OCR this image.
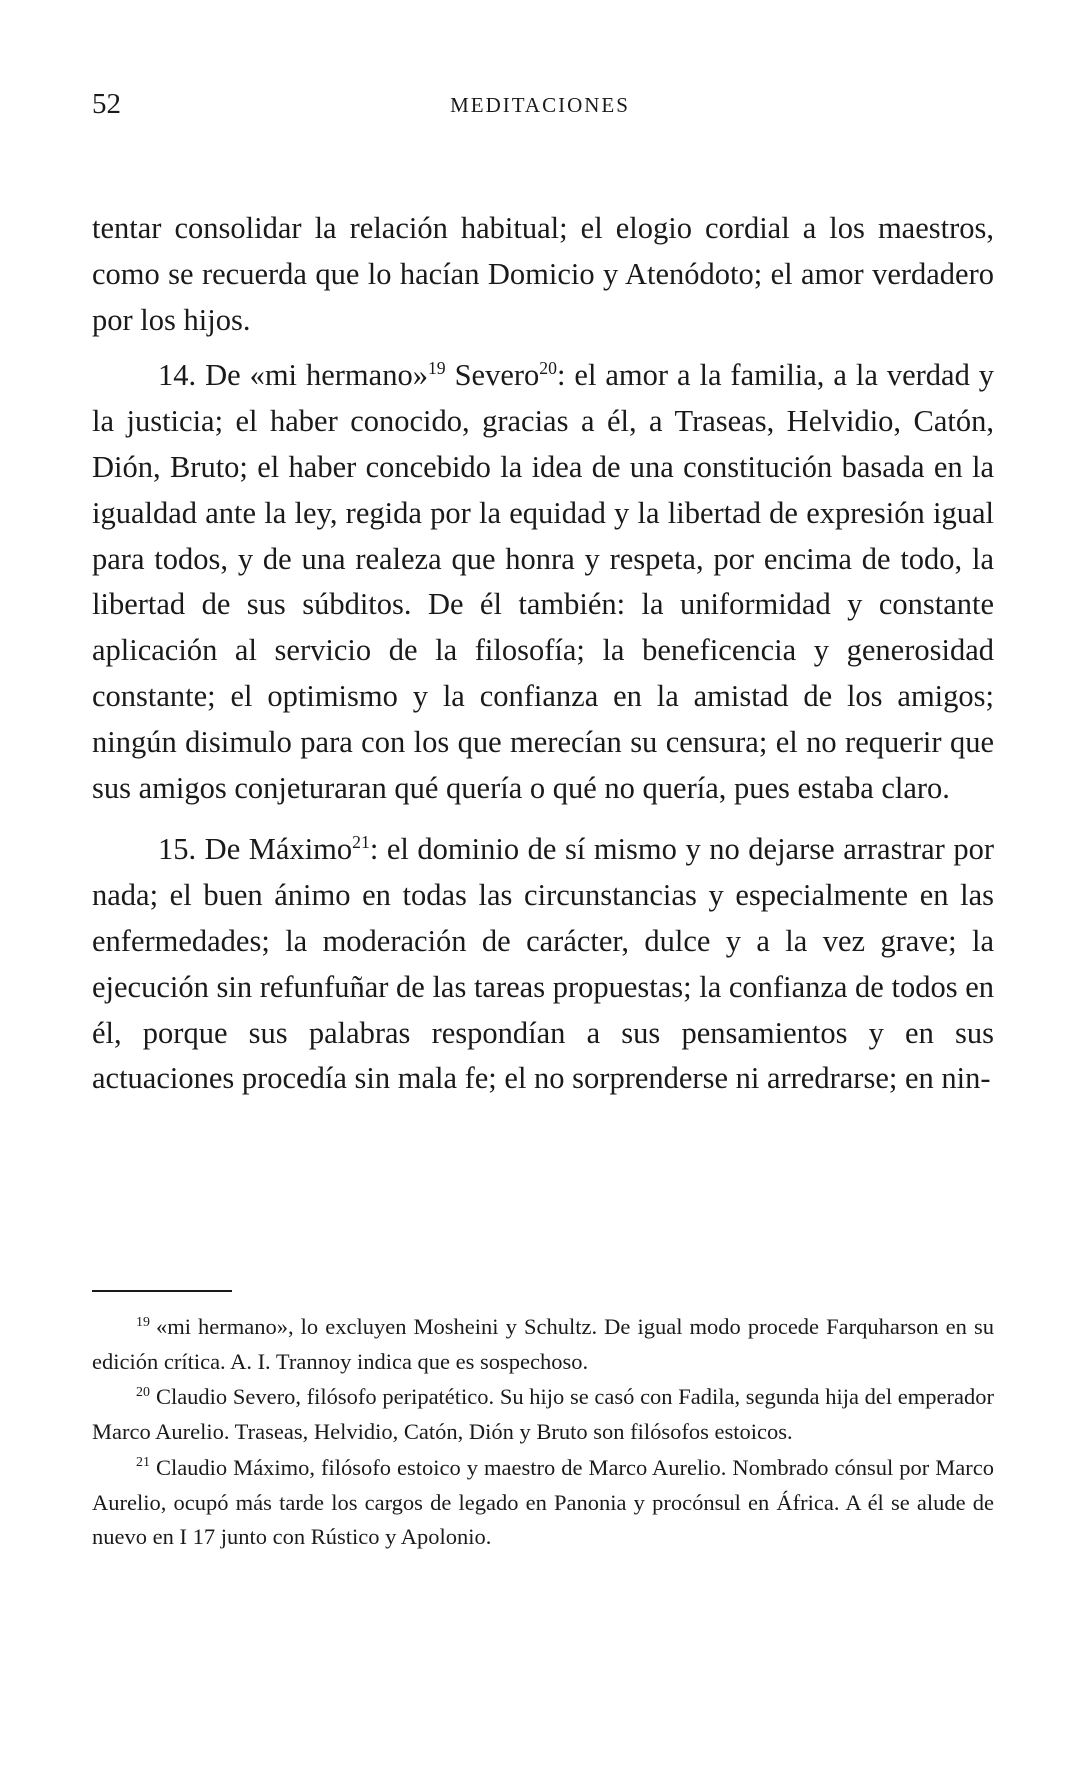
52	MEDITACIONES

tentar consolidar la relación habitual; el elogio cordial a los maestros, como se recuerda que lo hacían Domicio y Atenódoto; el amor verdadero por los hijos.

14. De «mi hermano»$^{19}$ Severo$^{20}$: el amor a la familia, a la verdad y la justicia; el haber conocido, gracias a él, a Traseas, Helvidio, Catón, Dión, Bruto; el haber concebido la idea de una constitución basada en la igualdad ante la ley, regida por la equidad y la libertad de expresión igual para todos, y de una realeza que honra y respeta, por encima de todo, la libertad de sus súbditos. De él también: la uniformidad y constante aplicación al servicio de la filosofía; la beneficencia y generosidad constante; el optimismo y la confianza en la amistad de los amigos; ningún disimulo para con los que merecían su censura; el no requerir que sus amigos conjeturaran qué quería o qué no quería, pues estaba claro.

15. De Máximo$^{21}$: el dominio de sí mismo y no dejarse arrastrar por nada; el buen ánimo en todas las circunstancias y especialmente en las enfermedades; la moderación de carácter, dulce y a la vez grave; la ejecución sin refunfuñar de las tareas propuestas; la confianza de todos en él, porque sus palabras respondían a sus pensamientos y en sus actuaciones procedía sin mala fe; el no sorprenderse ni arredrarse; en nin-

$^{19}$ «mi hermano», lo excluyen Mosheini y Schultz. De igual modo procede Farquharson en su edición crítica. A. I. Trannoy indica que es sospechoso.

$^{20}$ Claudio Severo, filósofo peripatético. Su hijo se casó con Fadila, segunda hija del emperador Marco Aurelio. Traseas, Helvidio, Catón, Dión y Bruto son filósofos estoicos.

$^{21}$ Claudio Máximo, filósofo estoico y maestro de Marco Aurelio. Nombrado cónsul por Marco Aurelio, ocupó más tarde los cargos de legado en Panonia y procónsul en África. A él se alude de nuevo en I 17 junto con Rústico y Apolonio.
